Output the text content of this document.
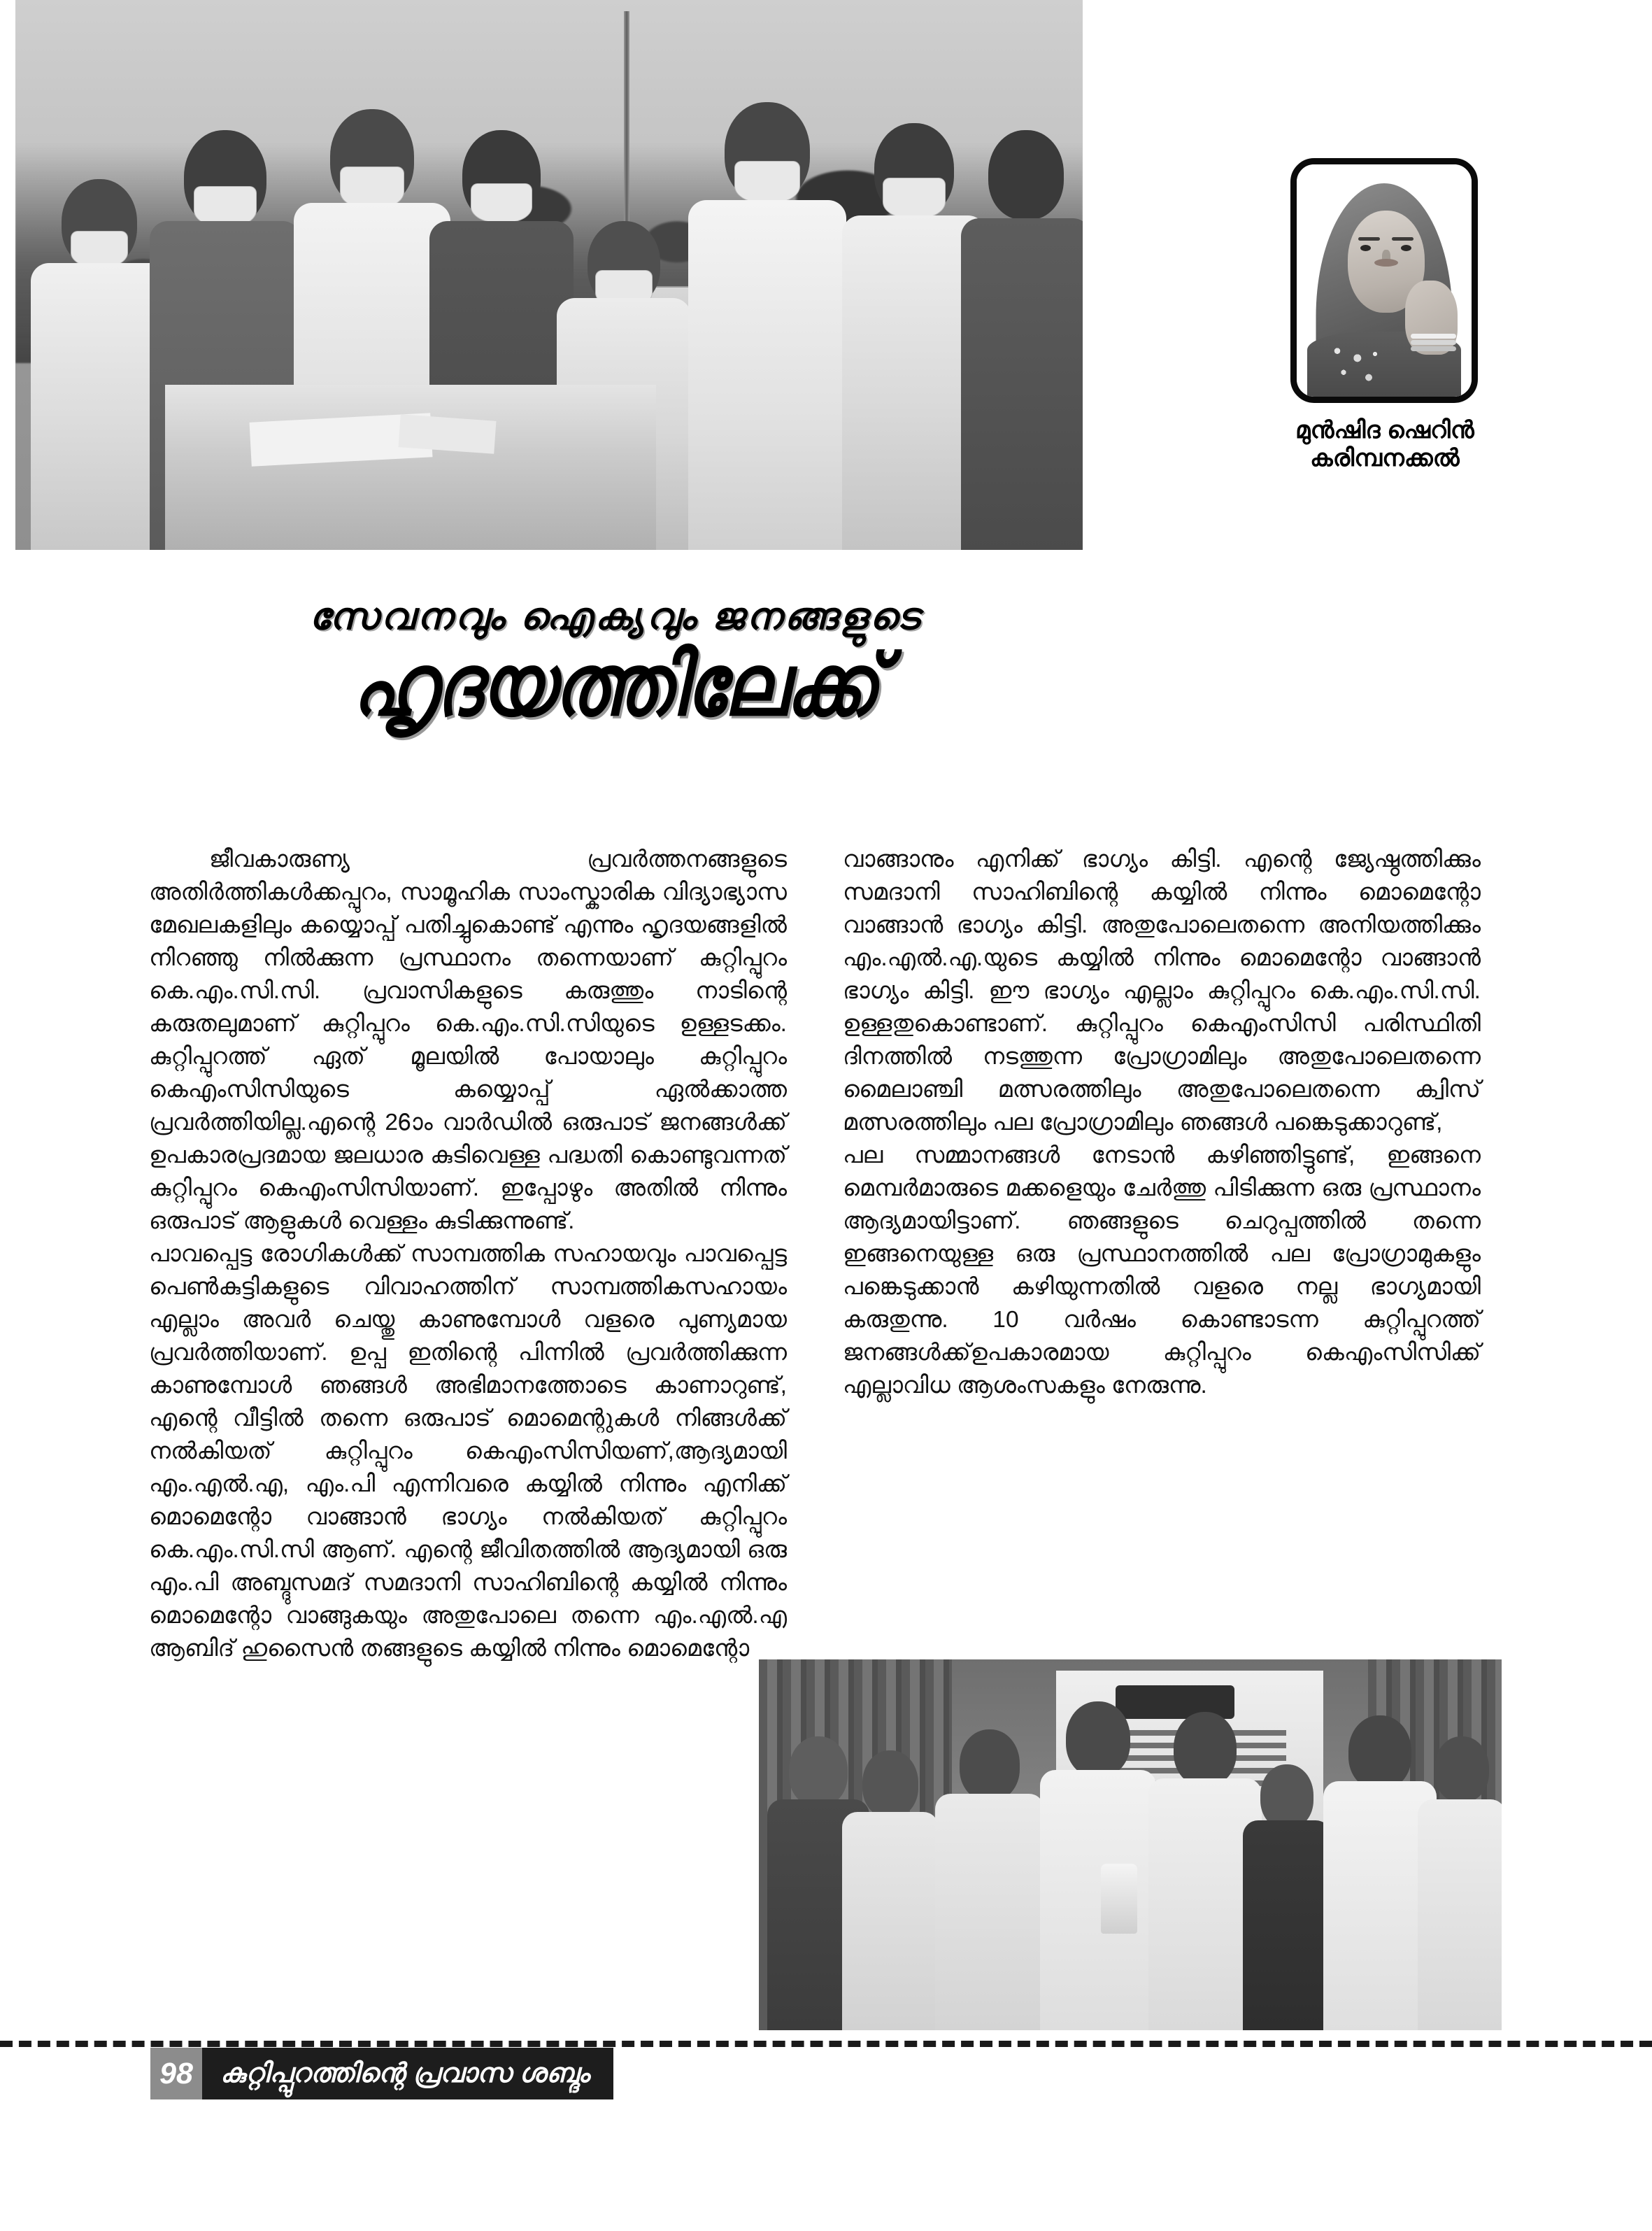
മുൻഷിദ ഷെറിൻ
കരിമ്പനക്കൽ
സേവനവും ഐക്യവും ജനങ്ങളുടെ
ഹൃദയത്തിലേക്ക്

ജീവകാരുണ്യ പ്രവർത്തനങ്ങളുടെ അതിർത്തികൾക്കപ്പുറം, സാമൂഹിക സാംസ്കാരിക വിദ്യാഭ്യാസ മേഖലകളിലും കയ്യൊപ്പ് പതിച്ചുകൊണ്ട് എന്നും ഹൃദയങ്ങളിൽ നിറഞ്ഞു നിൽക്കുന്ന പ്രസ്ഥാനം തന്നെയാണ് കുറ്റിപ്പുറം കെ.എം.സി.സി. പ്രവാസികളുടെ കരുത്തും നാടിന്റെ കരുതലുമാണ് കുറ്റിപ്പുറം കെ.എം.സി.സിയുടെ ഉള്ളടക്കം. കുറ്റിപ്പുറത്ത് ഏത് മൂലയിൽ പോയാലും കുറ്റിപ്പുറം കെഎംസിസിയുടെ കയ്യൊപ്പ് ഏൽക്കാത്ത പ്രവർത്തിയില്ല.എന്റെ 26ാം വാർഡിൽ ഒരുപാട് ജനങ്ങൾക്ക് ഉപകാരപ്രദമായ ജലധാര കുടിവെള്ള പദ്ധതി കൊണ്ടുവന്നത് കുറ്റിപ്പുറം കെഎംസിസിയാണ്. ഇപ്പോഴും അതിൽ നിന്നും ഒരുപാട് ആളുകൾ വെള്ളം കുടിക്കുന്നുണ്ട്.

പാവപ്പെട്ട രോഗികൾക്ക് സാമ്പത്തിക സഹായവും പാവപ്പെട്ട പെൺകുട്ടികളുടെ വിവാഹത്തിന് സാമ്പത്തികസഹായം എല്ലാം അവർ ചെയ്തു കാണുമ്പോൾ വളരെ പുണ്യമായ പ്രവർത്തിയാണ്. ഉപ്പ ഇതിന്റെ പിന്നിൽ പ്രവർത്തിക്കുന്ന കാണുമ്പോൾ ഞങ്ങൾ അഭിമാനത്തോടെ കാണാറുണ്ട്, എന്റെ വീട്ടിൽ തന്നെ ഒരുപാട് മൊമെന്റുകൾ നിങ്ങൾക്ക് നൽകിയത് കുറ്റിപ്പുറം കെഎംസിസിയണ്,ആദ്യമായി എം.എൽ.എ, എം.പി എന്നിവരെ കയ്യിൽ നിന്നും എനിക്ക് മൊമെന്റോ വാങ്ങാൻ ഭാഗ്യം നൽകിയത് കുറ്റിപ്പുറം കെ.എം.സി.സി ആണ്. എന്റെ ജീവിതത്തിൽ ആദ്യമായി ഒരു എം.പി അബ്ദുസമദ് സമദാനി സാഹിബിന്റെ കയ്യിൽ നിന്നും മൊമെന്റോ വാങ്ങുകയും അതുപോലെ തന്നെ എം.എൽ.എ ആബിദ് ഹുസൈൻ തങ്ങളുടെ കയ്യിൽ നിന്നും മൊമെന്റോ

വാങ്ങാനും എനിക്ക് ഭാഗ്യം കിട്ടി. എന്റെ ജ്യേഷ്ഠത്തിക്കും സമദാനി സാഹിബിന്റെ കയ്യിൽ നിന്നും മൊമെന്റോ വാങ്ങാൻ ഭാഗ്യം കിട്ടി. അതുപോലെതന്നെ അനിയത്തിക്കും എം.എൽ.എ.യുടെ കയ്യിൽ നിന്നും മൊമെന്റോ വാങ്ങാൻ ഭാഗ്യം കിട്ടി. ഈ ഭാഗ്യം എല്ലാം കുറ്റിപ്പുറം കെ.എം.സി.സി. ഉള്ളതുകൊണ്ടാണ്. കുറ്റിപ്പുറം കെഎംസിസി പരിസ്ഥിതി ദിനത്തിൽ നടത്തുന്ന പ്രോഗ്രാമിലും അതുപോലെതന്നെ മൈലാഞ്ചി മത്സരത്തിലും അതുപോലെതന്നെ ക്വിസ് മത്സരത്തിലും പല പ്രോഗ്രാമിലും ഞങ്ങൾ പങ്കെടുക്കാറുണ്ട്,

പല സമ്മാനങ്ങൾ നേടാൻ കഴിഞ്ഞിട്ടുണ്ട്, ഇങ്ങനെ മെമ്പർമാരുടെ മക്കളെയും ചേർത്തു പിടിക്കുന്ന ഒരു പ്രസ്ഥാനം ആദ്യമായിട്ടാണ്. ഞങ്ങളുടെ ചെറുപ്പത്തിൽ തന്നെ ഇങ്ങനെയുള്ള ഒരു പ്രസ്ഥാനത്തിൽ പല പ്രോഗ്രാമുകളും പങ്കെടുക്കാൻ കഴിയുന്നതിൽ വളരെ നല്ല ഭാഗ്യമായി കരുതുന്നു. 10 വർഷം കൊണ്ടാടന്ന കുറ്റിപ്പുറത്ത് ജനങ്ങൾക്ക്ഉപകാരമായ കുറ്റിപ്പുറം കെഎംസിസിക്ക് എല്ലാവിധ ആശംസകളും നേരുന്നു.

98	കുറ്റിപ്പുറത്തിന്റെ പ്രവാസ ശബ്ദം
